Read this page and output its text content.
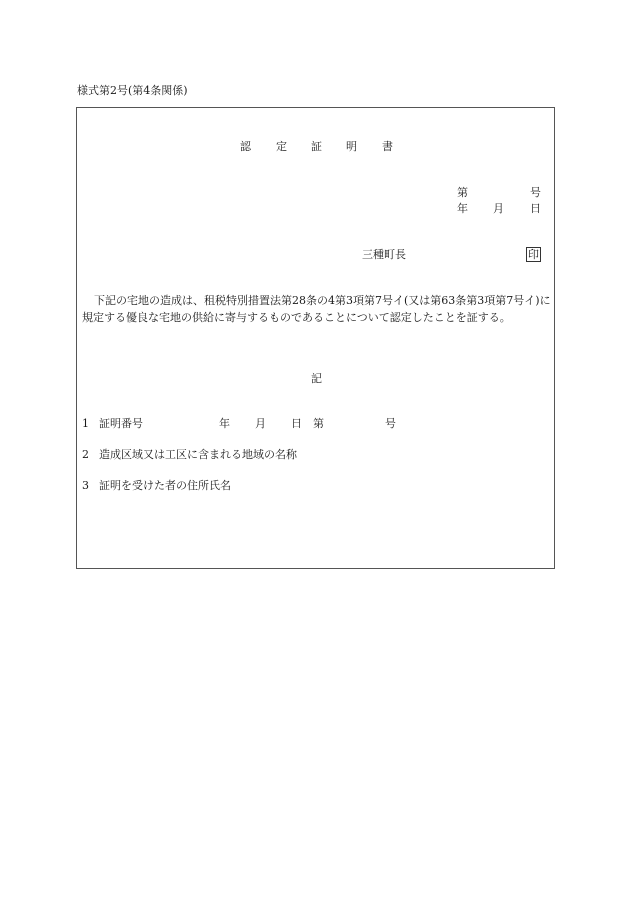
様式第2号(第4条関係)
認 定 証 明 書
第	号
年 月 日
三種町長	印
下記の宅地の造成は、租税特別措置法第28条の4第3項第7号イ(又は第63条第3項第7号イ)に規定する優良な宅地の供給に寄与するものであることについて認定したことを証する。
記
1 証明番号	年 月 日 第	号
2 造成区域又は工区に含まれる地域の名称
3 証明を受けた者の住所氏名
